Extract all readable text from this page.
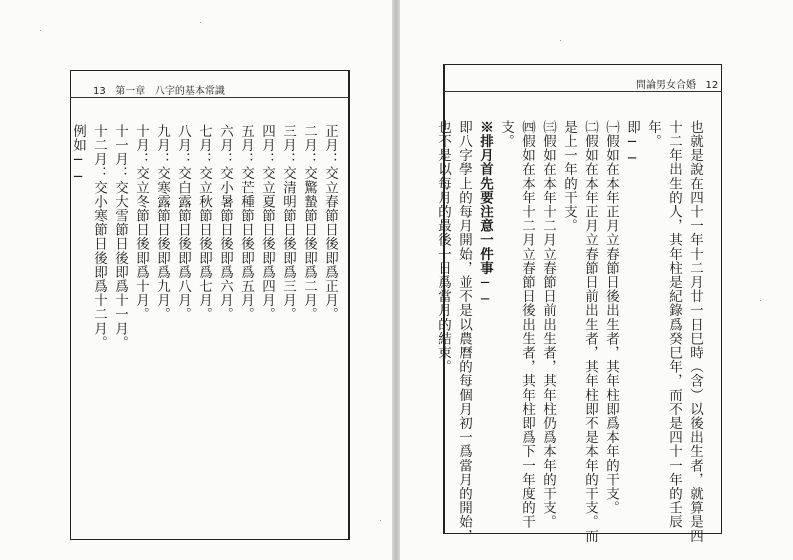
13 第一章 八字的基本常識
問論男女合婚 12
正月：交立春節日後即爲正月。
二月：交驚蟄節日後即爲二月。
三月：交清明節日後即爲三月。
四月：交立夏節日後即爲四月。
五月：交芒種節日後即爲五月。
六月：交小暑節日後即爲六月。
七月：交立秋節日後即爲七月。
八月：交白露節日後即爲八月。
九月：交寒露節日後即爲九月。
十月：交立冬節日後即爲十月。
十一月：交大雪節日後即爲十一月。
十二月：交小寒節日後即爲十二月。
例如──	也就是說在四十一年十二月廿一日巳時（含）以後出生者，就算是四
十二年出生的人，其年柱是紀錄爲癸巳年，而不是四十一年的壬辰
年。
即──
㈠假如在本年正月立春節日後出生者，其年柱即爲本年的干支。
㈡假如在本年正月立春節日前出生者，其年柱即不是本年的干支。而
是上一年的干支。
㈢假如在本年十二月立春節日前出生者，其年柱仍爲本年的干支。
㈣假如在本年十二月立春節日後出生者，其年柱即爲下一年度的干
支。
※排月首先要注意一件事──
即八字學上的每月開始，並不是以農曆的每個月初一爲當月的開始，
也不是以每月的最後一日爲當月的結束。
